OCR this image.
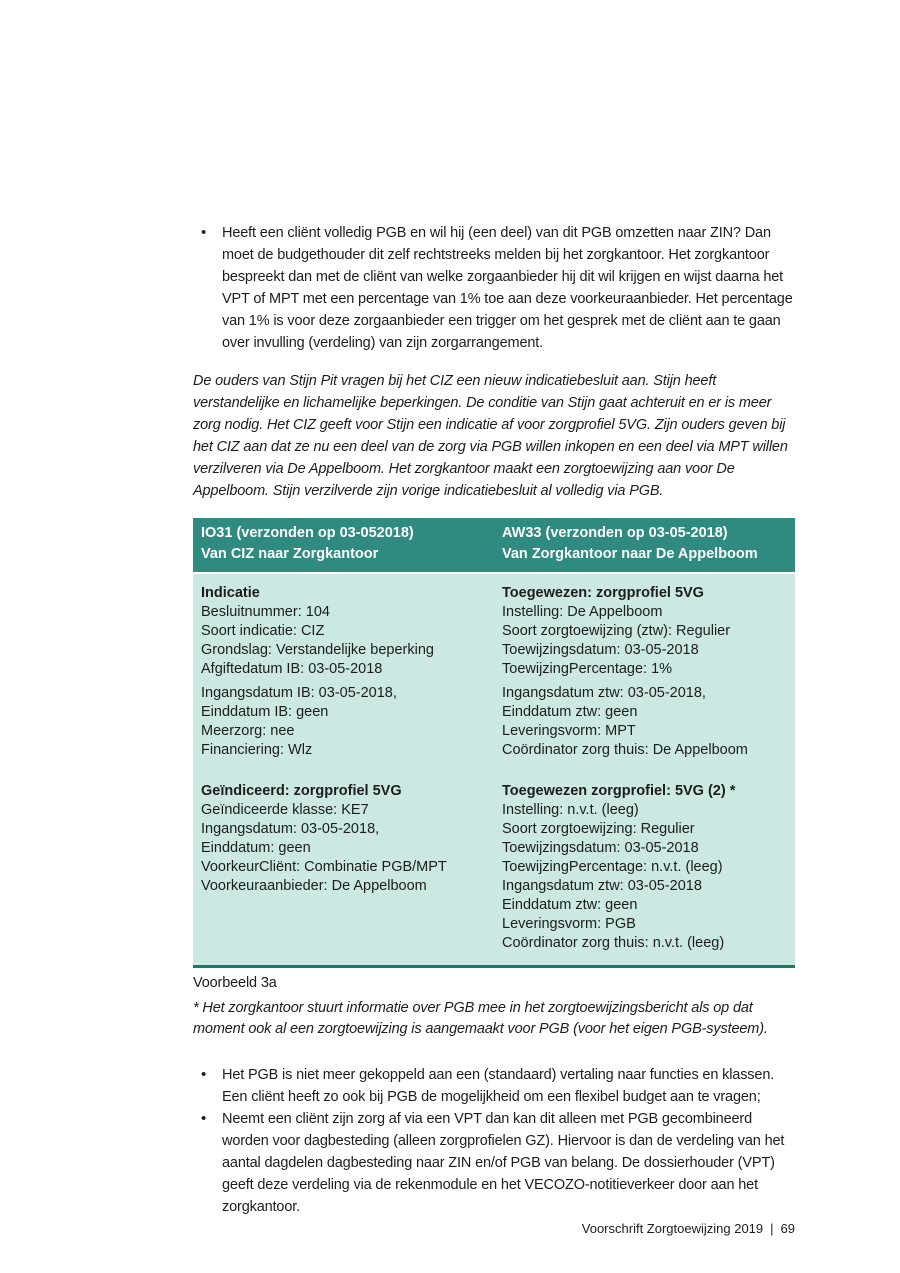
• Heeft een cliënt volledig PGB en wil hij (een deel) van dit PGB omzetten naar ZIN? Dan moet de budgethouder dit zelf rechtstreeks melden bij het zorgkantoor. Het zorgkantoor bespreekt dan met de cliënt van welke zorgaanbieder hij dit wil krijgen en wijst daarna het VPT of MPT met een percentage van 1% toe aan deze voorkeuraanbieder. Het percentage van 1% is voor deze zorgaanbieder een trigger om het gesprek met de cliënt aan te gaan over invulling (verdeling) van zijn zorgarrangement.

De ouders van Stijn Pit vragen bij het CIZ een nieuw indicatiebesluit aan. Stijn heeft verstandelijke en lichamelijke beperkingen. De conditie van Stijn gaat achteruit en er is meer zorg nodig. Het CIZ geeft voor Stijn een indicatie af voor zorgprofiel 5VG. Zijn ouders geven bij het CIZ aan dat ze nu een deel van de zorg via PGB willen inkopen en een deel via MPT willen verzilveren via De Appelboom. Het zorgkantoor maakt een zorgtoewijzing aan voor De Appelboom. Stijn verzilverde zijn vorige indicatiebesluit al volledig via PGB.

IO31 (verzonden op 03-052018)
Van CIZ naar Zorgkantoor
AW33 (verzonden op 03-05-2018)
Van Zorgkantoor naar De Appelboom
Indicatie
Besluitnummer: 104
Soort indicatie: CIZ
Grondslag: Verstandelijke beperking
Afgiftedatum IB: 03-05-2018
Ingangsdatum IB: 03-05-2018,
Einddatum IB: geen
Meerzorg: nee
Financiering: Wlz
Toegewezen: zorgprofiel 5VG
Instelling: De Appelboom
Soort zorgtoewijzing (ztw): Regulier
Toewijzingsdatum: 03-05-2018
ToewijzingPercentage: 1%
Ingangsdatum ztw: 03-05-2018,
Einddatum ztw: geen
Leveringsvorm: MPT
Coördinator zorg thuis: De Appelboom
Geïndiceerd: zorgprofiel 5VG
Geïndiceerde klasse: KE7
Ingangsdatum: 03-05-2018,
Einddatum: geen
VoorkeurCliënt: Combinatie PGB/MPT
Voorkeuraanbieder: De Appelboom
Toegewezen zorgprofiel: 5VG (2) *
Instelling: n.v.t. (leeg)
Soort zorgtoewijzing: Regulier
Toewijzingsdatum: 03-05-2018
ToewijzingPercentage: n.v.t. (leeg)
Ingangsdatum ztw: 03-05-2018
Einddatum ztw: geen
Leveringsvorm: PGB
Coördinator zorg thuis: n.v.t. (leeg)
Voorbeeld 3a

* Het zorgkantoor stuurt informatie over PGB mee in het zorgtoewijzingsbericht als op dat moment ook al een zorgtoewijzing is aangemaakt voor PGB (voor het eigen PGB-systeem).

• Het PGB is niet meer gekoppeld aan een (standaard) vertaling naar functies en klassen. Een cliënt heeft zo ook bij PGB de mogelijkheid om een flexibel budget aan te vragen;
• Neemt een cliënt zijn zorg af via een VPT dan kan dit alleen met PGB gecombineerd worden voor dagbesteding (alleen zorgprofielen GZ). Hiervoor is dan de verdeling van het aantal dagdelen dagbesteding naar ZIN en/of PGB van belang. De dossierhouder (VPT) geeft deze verdeling via de rekenmodule en het VECOZO-notitieverkeer door aan het zorgkantoor.
Voorschrift Zorgtoewijzing 2019 | 69
